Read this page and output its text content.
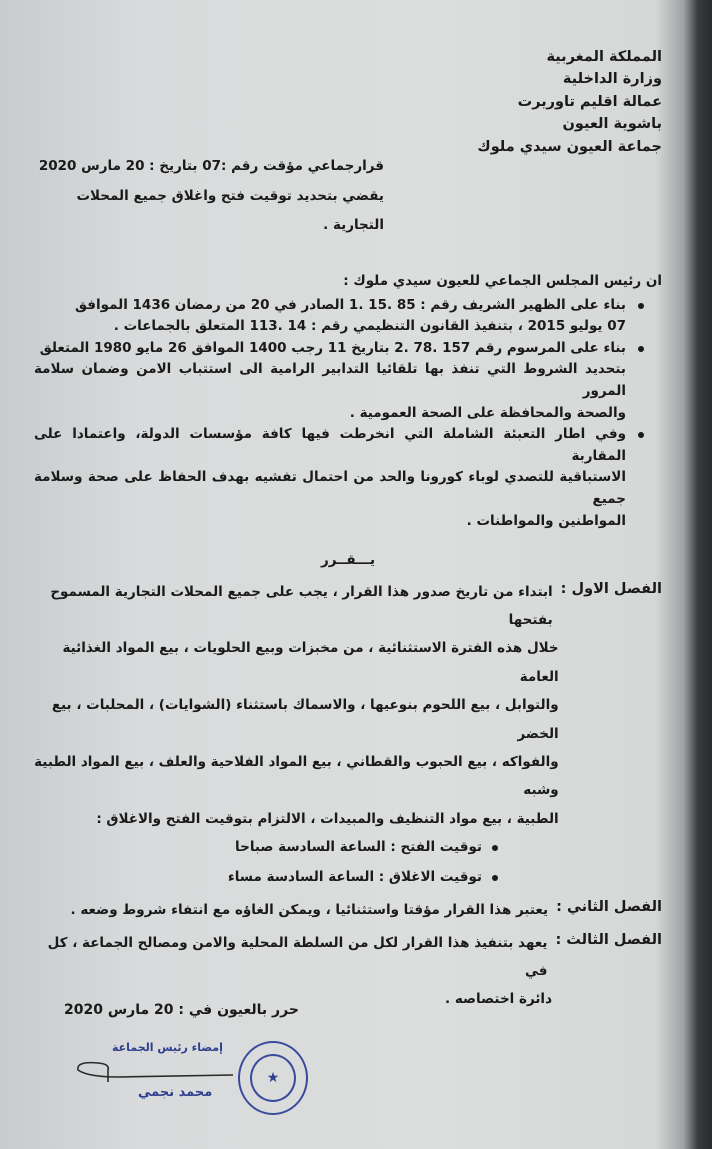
المملكة المغربية
وزارة الداخلية
عمالة اقليم تاوريرت
باشوية العيون
جماعة العيون سيدي ملوك
قرارجماعي مؤقت رقم :07 بتاريخ : 20 مارس 2020
يقضي بتحديد توقيت فتح واغلاق جميع المحلات التجارية .
ان رئيس المجلس الجماعي للعيون سيدي ملوك :
بناء على الظهير الشريف رقم : 85 .15 .1 الصادر في 20 من رمضان 1436 الموافق
07 يوليو 2015 ، بتنفيذ القانون التنظيمي رقم : 14 .113 المتعلق بالجماعات .
بناء على المرسوم رقم 157 .78 .2 بتاريخ 11 رجب 1400 الموافق 26 مايو 1980 المتعلق
بتحديد الشروط التي تنفذ بها تلقائيا التدابير الرامية الى استتباب الامن وضمان سلامة المرور
والصحة والمحافظة على الصحة العمومية .
وفي اطار التعبئة الشاملة التي انخرطت فيها كافة مؤسسات الدولة، واعتمادا على المقاربة
الاستباقية للتصدي لوباء كورونا والحد من احتمال تفشيه بهدف الحفاظ على صحة وسلامة جميع
المواطنين والمواطنات .
يـــقــرر
الفصل الاول :
ابتداء من تاريخ صدور هذا القرار ، يجب على جميع المحلات التجارية المسموح بفتحها
خلال هذه الفترة الاستثنائية ، من مخبزات وبيع الحلويات ، بيع المواد الغذائية العامة
والتوابل ، بيع اللحوم بنوعيها ، والاسماك باستثناء (الشوايات) ، المحلبات ، بيع الخضر
والفواكه ، بيع الحبوب والقطاني ، بيع المواد الفلاحية والعلف ، بيع المواد الطبية وشبه
الطبية ، بيع مواد التنظيف والمبيدات ، الالتزام بتوقيت الفتح والاغلاق :
توقيت الفتح : الساعة السادسة صباحا
توقيت الاغلاق : الساعة السادسة مساء
الفصل الثاني :
يعتبر هذا القرار مؤقتا واستثنائيا ، ويمكن الغاؤه مع انتفاء شروط وضعه .
الفصل الثالث :
يعهد بتنفيذ هذا القرار لكل من السلطة المحلية والامن ومصالح الجماعة ، كل في
دائرة اختصاصه .
حرر بالعيون في : 20 مارس 2020
إمضاء رئيس الجماعة
محمد نجمي
★
